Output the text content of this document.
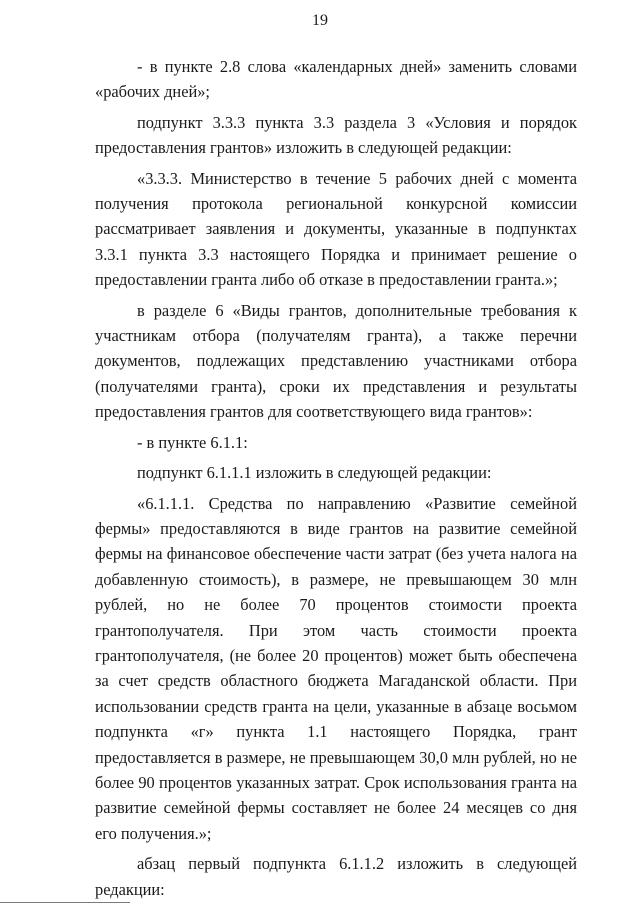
19

- в пункте 2.8 слова «календарных дней» заменить словами «рабочих дней»;

подпункт 3.3.3 пункта 3.3 раздела 3 «Условия и порядок предоставления грантов» изложить в следующей редакции:

«3.3.3. Министерство в течение 5 рабочих дней с момента получения протокола региональной конкурсной комиссии рассматривает заявления и документы, указанные в подпунктах 3.3.1 пункта 3.3 настоящего Порядка и принимает решение о предоставлении гранта либо об отказе в предоставлении гранта.»;

в разделе 6 «Виды грантов, дополнительные требования к участникам отбора (получателям гранта), а также перечни документов, подлежащих представлению участниками отбора (получателями гранта), сроки их представления и результаты предоставления грантов для соответствующего вида грантов»:

- в пункте 6.1.1:

подпункт 6.1.1.1 изложить в следующей редакции:

«6.1.1.1. Средства по направлению «Развитие семейной фермы» предоставляются в виде грантов на развитие семейной фермы на финансовое обеспечение части затрат (без учета налога на добавленную стоимость), в размере, не превышающем 30 млн рублей, но не более 70 процентов стоимости проекта грантополучателя. При этом часть стоимости проекта грантополучателя, (не более 20 процентов) может быть обеспечена за счет средств областного бюджета Магаданской области. При использовании средств гранта на цели, указанные в абзаце восьмом подпункта «г» пункта 1.1 настоящего Порядка, грант предоставляется в размере, не превышающем 30,0 млн рублей, но не более 90 процентов указанных затрат. Срок использования гранта на развитие семейной фермы составляет не более 24 месяцев со дня его получения.»;

абзац первый подпункта 6.1.1.2 изложить в следующей редакции:
